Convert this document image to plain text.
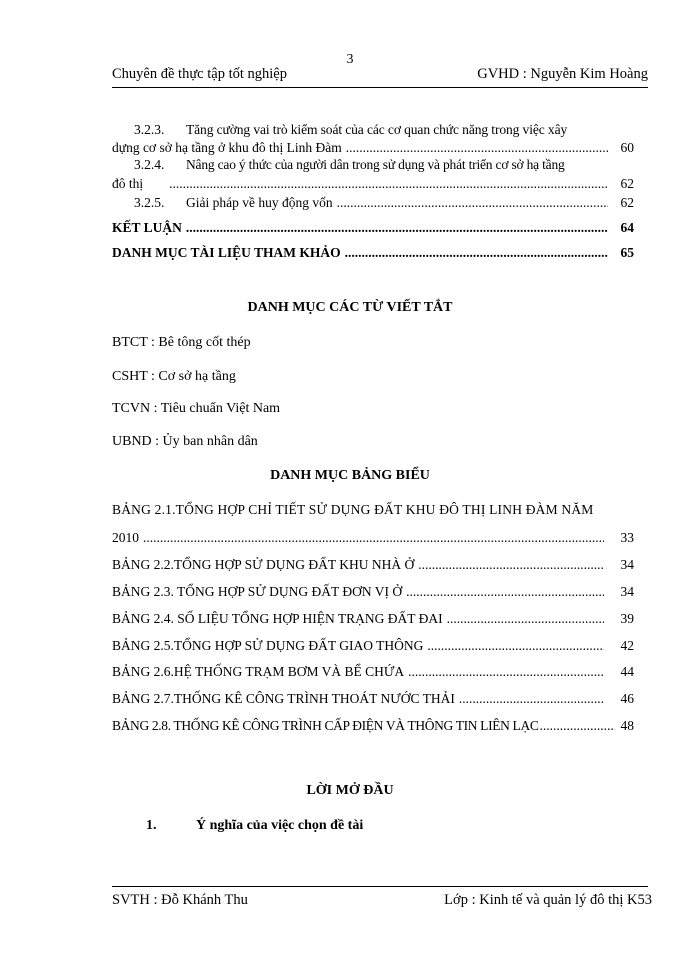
3
Chuyên đề thực tập tốt nghiệp	GVHD : Nguyễn Kim Hoàng
3.2.3. Tăng cường vai trò kiểm soát của các cơ quan chức năng trong việc xây
dựng cơ sở hạ tầng ở khu đô thị Linh Đàm .....	60
3.2.4. Nâng cao ý thức của người dân trong sử dụng và phát triển cơ sở hạ tầng
đô thị .....	62
3.2.5.	Giải pháp về huy động vốn .....	62
KẾT LUẬN .....	64
DANH MỤC TÀI LIỆU THAM KHẢO .....	65
DANH MỤC CÁC TỪ VIẾT TẮT
BTCT : Bê tông cốt thép
CSHT : Cơ sở hạ tầng
TCVN : Tiêu chuẩn Việt Nam
UBND : Ủy ban nhân dân
DANH MỤC BẢNG BIỂU
BẢNG 2.1.TỔNG HỢP CHỈ TIẾT SỬ DỤNG ĐẤT KHU ĐÔ THỊ LINH ĐÀM NĂM
2010 .....	33
BẢNG 2.2.TỔNG HỢP SỬ DỤNG ĐẤT KHU NHÀ Ở .....	34
BẢNG 2.3. TỔNG HỢP SỬ DỤNG ĐẤT ĐƠN VỊ Ở .....	34
BẢNG 2.4. SỐ LIỆU TỔNG HỢP HIỆN TRẠNG ĐẤT ĐAI .....	39
BẢNG 2.5.TỔNG HỢP SỬ DỤNG ĐẤT GIAO THÔNG .....	42
BẢNG 2.6.HỆ THỐNG TRẠM BƠM VÀ BỂ CHỨA .....	44
BẢNG 2.7.THỐNG KÊ CÔNG TRÌNH THOÁT NƯỚC THẢI .....	46
BẢNG 2.8. THỐNG KÊ CÔNG TRÌNH CẤP ĐIỆN VÀ THÔNG TIN LIÊN LẠC .....	48
LỜI MỞ ĐẦU
1.	Ý nghĩa của việc chọn đề tài
SVTH : Đỗ Khánh Thu	Lớp : Kinh tế và quản lý đô thị K53
